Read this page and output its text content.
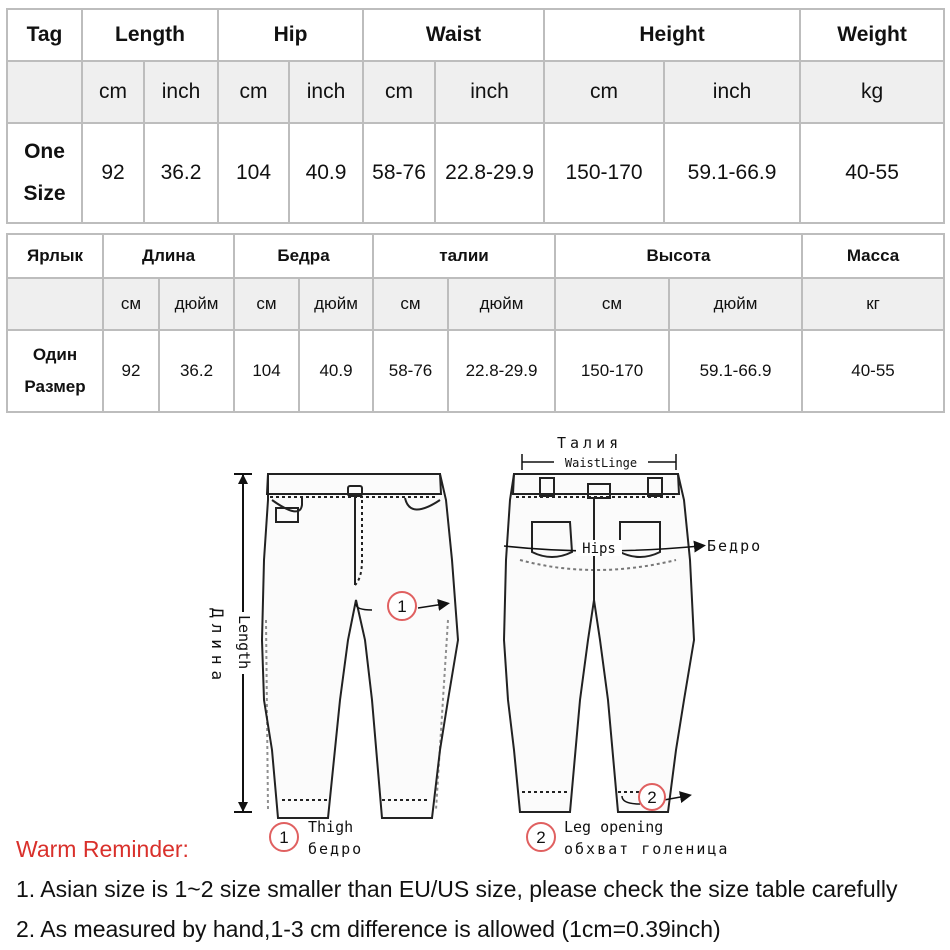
Tag	Length		Hip		Waist		Height		Weight
	cm	inch	cm	inch	cm	inch	cm	inch	kg
One
Size	92	36.2	104	40.9	58-76	22.8-29.9	150-170	59.1-66.9	40-55
Ярлык	Длина		Бедра		талии		Высота		Масса
	см	дюйм	см	дюйм	см	дюйм	см	дюйм	кг
Один
Размер	92	36.2	104	40.9	58-76	22.8-29.9	150-170	59.1-66.9	40-55
Length
Длина
1
Талия
WaistLinge
Hips	Бедро
2
1
Thigh
бедро
2
Leg opening
обхват голеница
Warm Reminder:
1. Asian size is 1~2 size smaller than EU/US size, please check the size table carefully
2. As measured by hand,1-3 cm difference is allowed (1cm=0.39inch)
